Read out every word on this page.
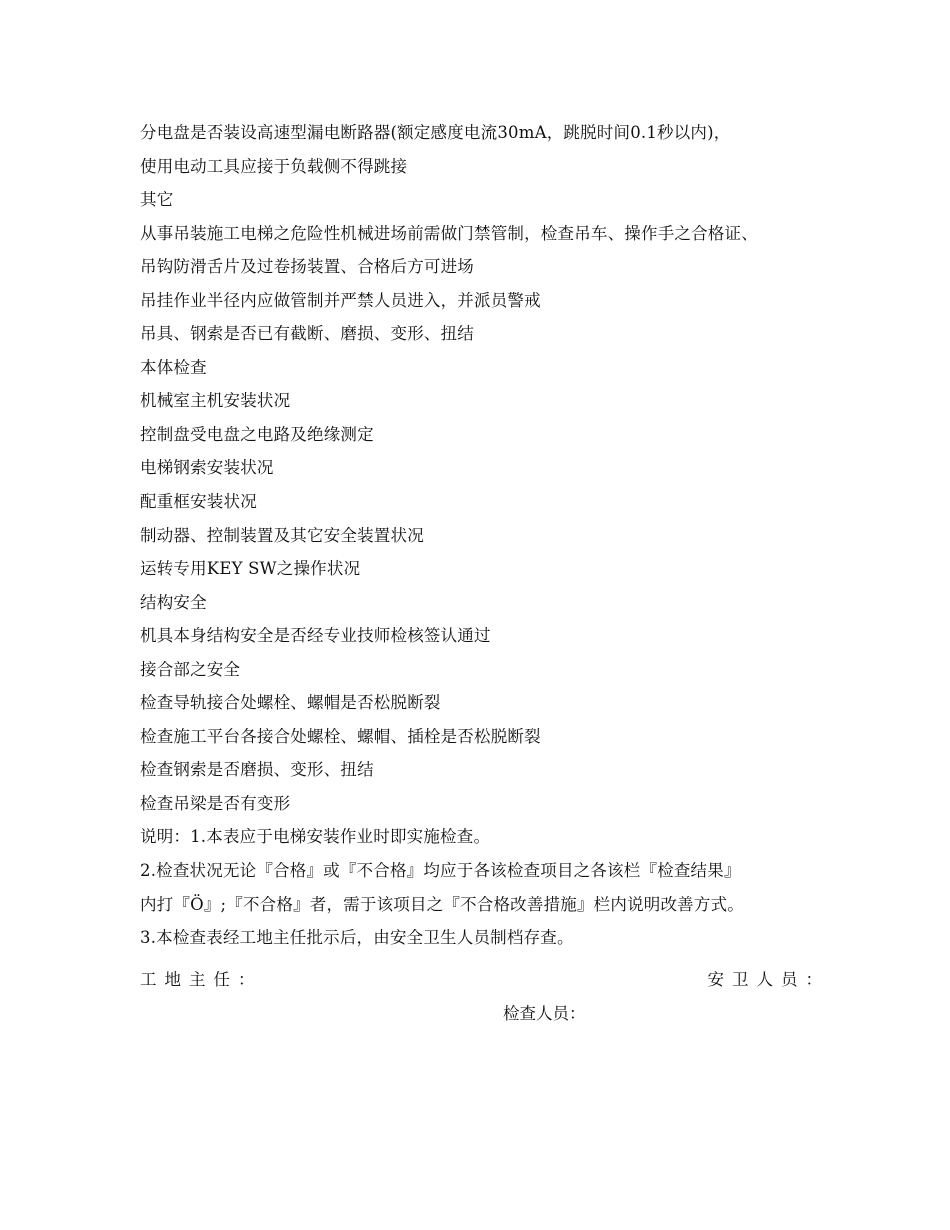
分电盘是否装设高速型漏电断路器(额定感度电流30mA，跳脱时间0.1秒以内)，
使用电动工具应接于负载侧不得跳接
其它
从事吊装施工电梯之危险性机械进场前需做门禁管制，检查吊车、操作手之合格证、
吊钩防滑舌片及过卷扬装置、合格后方可进场
吊挂作业半径内应做管制并严禁人员进入，并派员警戒
吊具、钢索是否已有截断、磨损、变形、扭结
本体检查
机械室主机安装状况
控制盘受电盘之电路及绝缘测定
电梯钢索安装状况
配重框安装状况
制动器、控制装置及其它安全装置状况
运转专用KEY SW之操作状况
结构安全
机具本身结构安全是否经专业技师检核签认通过
接合部之安全
检查导轨接合处螺栓、螺帽是否松脱断裂
检查施工平台各接合处螺栓、螺帽、插栓是否松脱断裂
检查钢索是否磨损、变形、扭结
检查吊梁是否有变形
说明：1.本表应于电梯安装作业时即实施检查。
2.检查状况无论『合格』或『不合格』均应于各该检查项目之各该栏『检查结果』
内打『Ö』;『不合格』者，需于该项目之『不合格改善措施』栏内说明改善方式。
3.本检查表经工地主任批示后，由安全卫生人员制档存查。
工地主任：	安卫人员：
检查人员：
